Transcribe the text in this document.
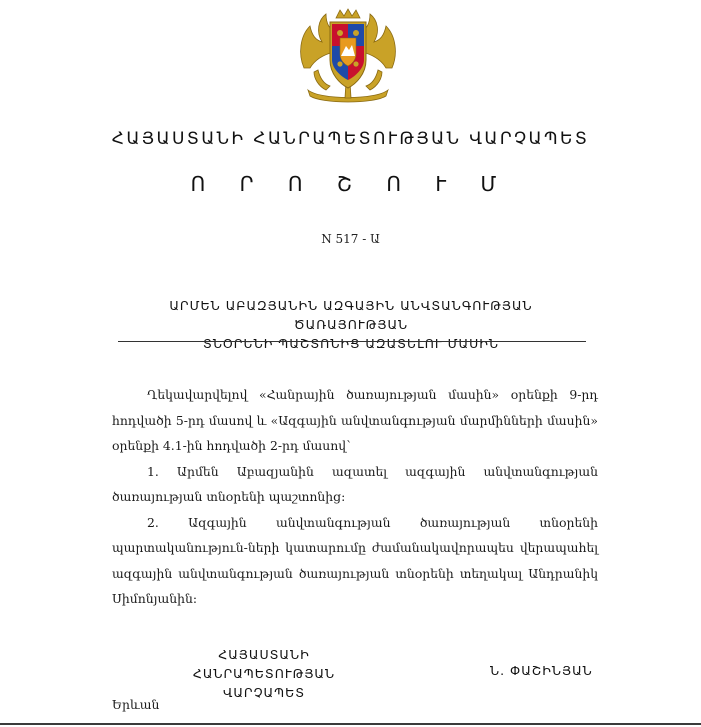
ՀԱՅԱՍՏԱՆԻ ՀԱՆՐԱՊԵՏՈՒԹՅԱՆ ՎԱՐՉԱՊԵՏ
Ո Ր Ո Շ Ո Ւ Մ
N 517 - Ա
ԱՐՄԵՆ ԱԲԱԶՅԱՆԻՆ ԱԶԳԱՅԻՆ ԱՆՎՏԱՆԳՈՒԹՅԱՆ ԾԱՌԱՅՈՒԹՅԱՆ
ՏՆՕՐԵՆԻ ՊԱՇՏՈՆԻՑ ԱԶԱՏԵԼՈՒ ՄԱՍԻՆ

Ղեկավարվելով «Հանրային ծառայության մասին» օրենքի 9-րդ հոդվածի 5-րդ մասով և «Ազգային անվտանգության մարմինների մասին» օրենքի 4.1-ին հոդվածի 2-րդ մասով՝

1. Արմեն Աբազյանին ազատել ազգային անվտանգության ծառայության տնօրենի պաշտոնից:

2. Ազգային անվտանգության ծառայության տնօրենի պարտականություն-ների կատարումը ժամանակավորապես վերապահել ազգային անվտանգության ծառայության տնօրենի տեղակալ Անդրանիկ Սիմոնյանին:

ՀԱՅԱՍՏԱՆԻ ՀԱՆՐԱՊԵՏՈՒԹՅԱՆ
ՎԱՐՉԱՊԵՏ
Ն. ՓԱՇԻՆՅԱՆ
Երևան
